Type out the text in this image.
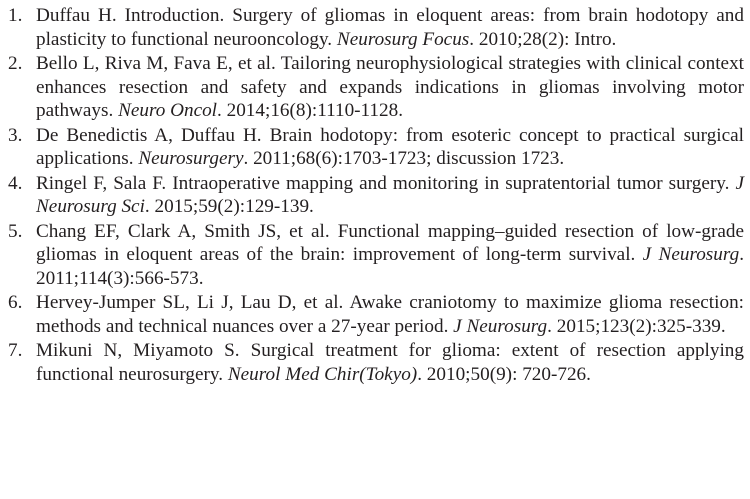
1. Duffau H. Introduction. Surgery of gliomas in eloquent areas: from brain hodotopy and plasticity to functional neurooncology. Neurosurg Focus. 2010;28(2): Intro.
2. Bello L, Riva M, Fava E, et al. Tailoring neurophysiological strategies with clinical context enhances resection and safety and expands indications in gliomas involving motor pathways. Neuro Oncol. 2014;16(8):1110-1128.
3. De Benedictis A, Duffau H. Brain hodotopy: from esoteric concept to practical surgical applications. Neurosurgery. 2011;68(6):1703-1723; discussion 1723.
4. Ringel F, Sala F. Intraoperative mapping and monitoring in supratentorial tumor surgery. J Neurosurg Sci. 2015;59(2):129-139.
5. Chang EF, Clark A, Smith JS, et al. Functional mapping–guided resection of low-grade gliomas in eloquent areas of the brain: improvement of long-term survival. J Neurosurg. 2011;114(3):566-573.
6. Hervey-Jumper SL, Li J, Lau D, et al. Awake craniotomy to maximize glioma resection: methods and technical nuances over a 27-year period. J Neurosurg. 2015;123(2):325-339.
7. Mikuni N, Miyamoto S. Surgical treatment for glioma: extent of resection applying functional neurosurgery. Neurol Med Chir(Tokyo). 2010;50(9): 720-726.
